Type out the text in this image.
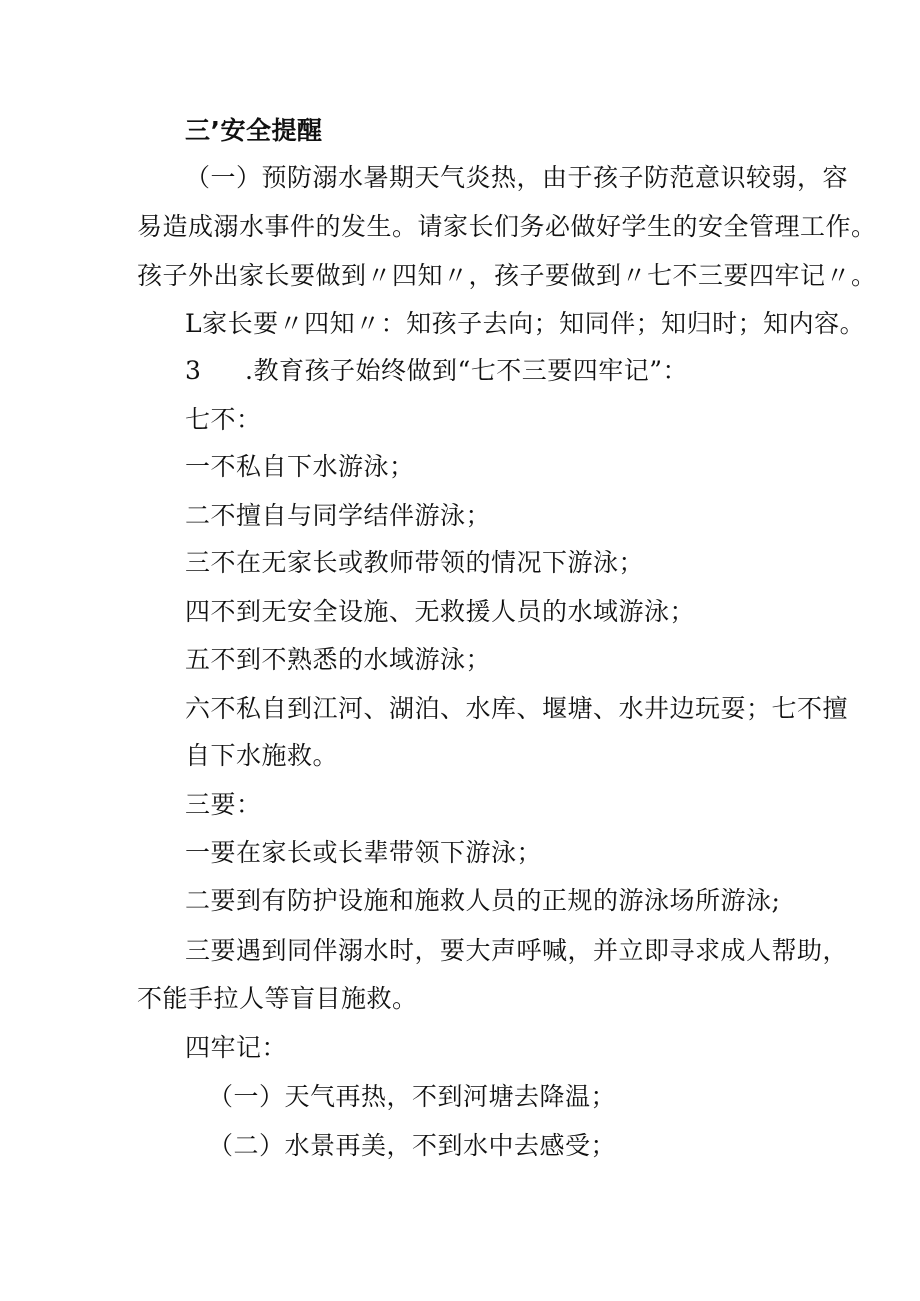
三’安全提醒
（一）预防溺水暑期天气炎热，由于孩子防范意识较弱，容
易造成溺水事件的发生。请家长们务必做好学生的安全管理工作。
孩子外出家长要做到〃四知〃，孩子要做到〃七不三要四牢记〃。
L家长要〃四知〃：知孩子去向；知同伴；知归时；知内容。
3 .教育孩子始终做到“七不三要四牢记”：
七不：
一不私自下水游泳；
二不擅自与同学结伴游泳；
三不在无家长或教师带领的情况下游泳；
四不到无安全设施、无救援人员的水域游泳；
五不到不熟悉的水域游泳；
六不私自到江河、湖泊、水库、堰塘、水井边玩耍；七不擅
自下水施救。
三要：
一要在家长或长辈带领下游泳；
二要到有防护设施和施救人员的正规的游泳场所游泳;
三要遇到同伴溺水时，要大声呼喊，并立即寻求成人帮助，
不能手拉人等盲目施救。
四牢记：
（一）天气再热，不到河塘去降温；
（二）水景再美，不到水中去感受；
